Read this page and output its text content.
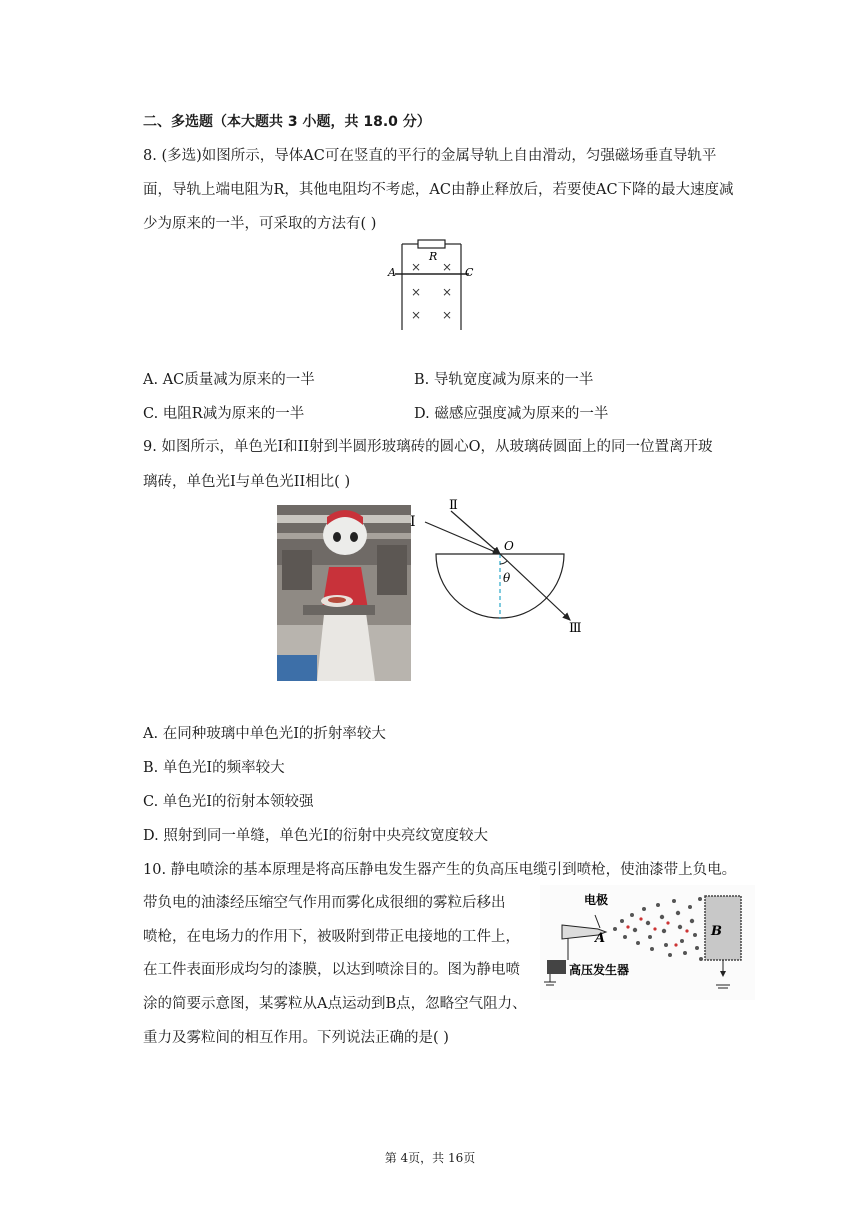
二、多选题（本大题共 3 小题，共 18.0 分）
8. (多选)如图所示，导体AC可在竖直的平行的金属导轨上自由滑动，匀强磁场垂直导轨平
面，导轨上端电阻为R，其他电阻均不考虑，AC由静止释放后，若要使AC下降的最大速度减
少为原来的一半，可采取的方法有( )
R
A	C
× ×
× ×
× ×
A. AC质量减为原来的一半	B. 导轨宽度减为原来的一半
C. 电阻R减为原来的一半	D. 磁感应强度减为原来的一半
9. 如图所示，单色光I和II射到半圆形玻璃砖的圆心O，从玻璃砖圆面上的同一位置离开玻
璃砖，单色光I与单色光II相比( )
I
Ⅱ
O
θ
Ⅲ
A. 在同种玻璃中单色光I的折射率较大
B. 单色光I的频率较大
C. 单色光I的衍射本领较强
D. 照射到同一单缝，单色光I的衍射中央亮纹宽度较大
10. 静电喷涂的基本原理是将高压静电发生器产生的负高压电缆引到喷枪，使油漆带上负电。
带负电的油漆经压缩空气作用而雾化成很细的雾粒后移出
喷枪，在电场力的作用下，被吸附到带正电接地的工件上，
在工件表面形成均匀的漆膜，以达到喷涂目的。图为静电喷
涂的简要示意图，某雾粒从A点运动到B点，忽略空气阻力、
重力及雾粒间的相互作用。下列说法正确的是( )
电极
A	B
高压发生器
第 4页，共 16页
